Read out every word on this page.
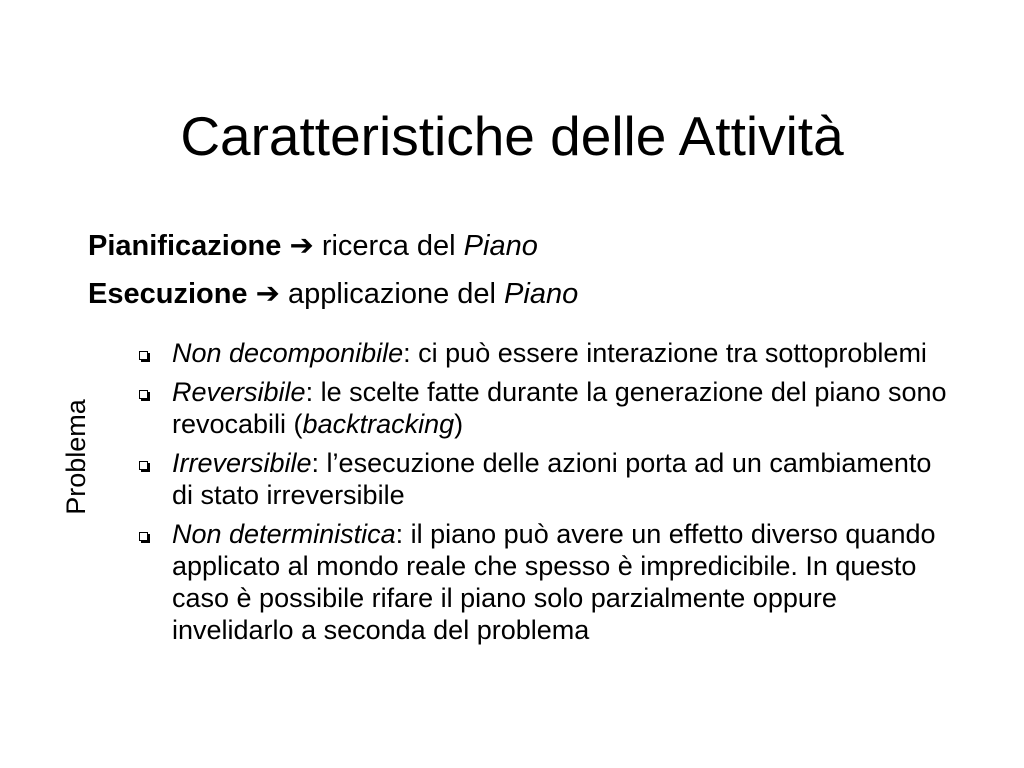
Caratteristiche delle Attività
Pianificazione ➔ ricerca del Piano
Esecuzione ➔ applicazione del Piano
Problema
Non decomponibile: ci può essere interazione tra sottoproblemi
Reversibile: le scelte fatte durante la generazione del piano sono revocabili (backtracking)
Irreversibile: l’esecuzione delle azioni porta ad un cambiamento di stato irreversibile
Non deterministica: il piano può avere un effetto diverso quando applicato al mondo reale che spesso è impredicibile. In questo caso è possibile rifare il piano solo parzialmente oppure invelidarlo a seconda del problema
